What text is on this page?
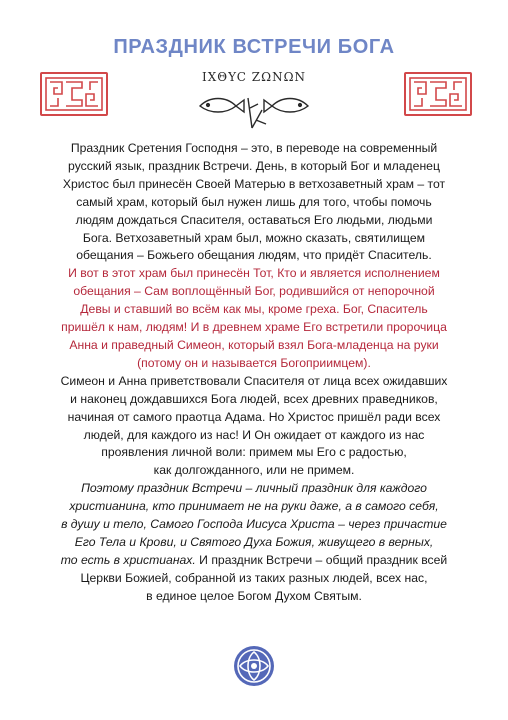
ПРАЗДНИК ВСТРЕЧИ БОГА
IXΘYC ZΩNΩN
Праздник Сретения Господня – это, в переводе на современный
русский язык, праздник Встречи. День, в который Бог и младенец
Христос был принесён Своей Матерью в ветхозаветный храм – тот
самый храм, который был нужен лишь для того, чтобы помочь
людям дождаться Спасителя, оставаться Его людьми, людьми
Бога. Ветхозаветный храм был, можно сказать, святилищем
обещания – Божьего обещания людям, что придёт Спаситель.
И вот в этот храм был принесён Тот, Кто и является исполнением
обещания – Сам воплощённый Бог, родившийся от непорочной
Девы и ставший во всём как мы, кроме греха. Бог, Спаситель
пришёл к нам, людям! И в древнем храме Его встретили пророчица
Анна и праведный Симеон, который взял Бога-младенца на руки
(потому он и называется Богоприимцем).
Симеон и Анна приветствовали Спасителя от лица всех ожидавших
и наконец дождавшихся Бога людей, всех древних праведников,
начиная от самого праотца Адама. Но Христос пришёл ради всех
людей, для каждого из нас! И Он ожидает от каждого из нас
проявления личной воли: примем мы Его с радостью,
как долгожданного, или не примем.
Поэтому праздник Встречи – личный праздник для каждого
христианина, кто принимает не на руки даже, а в самого себя,
в душу и тело, Самого Господа Иисуса Христа – через причастие
Его Тела и Крови, и Святого Духа Божия, живущего в верных,
то есть в христианах. И праздник Встречи – общий праздник всей
Церкви Божией, собранной из таких разных людей, всех нас,
в единое целое Богом Духом Святым.
